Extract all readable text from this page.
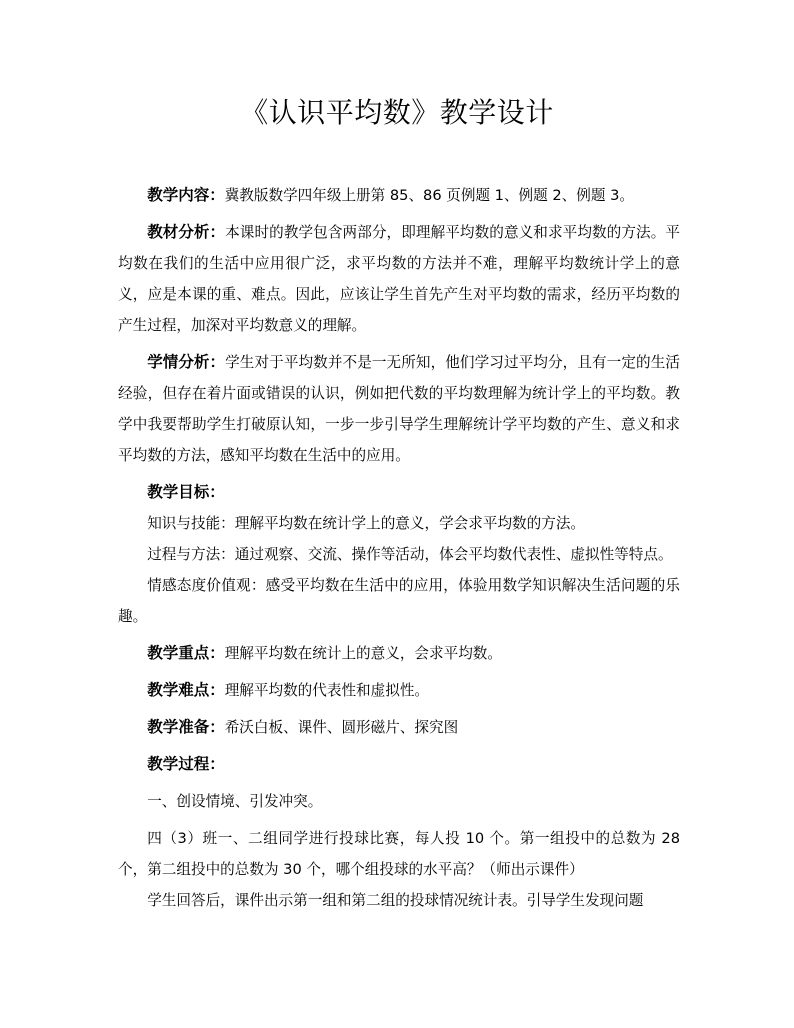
《认识平均数》教学设计

教学内容：冀教版数学四年级上册第 85、86 页例题 1、例题 2、例题 3。

教材分析：本课时的教学包含两部分，即理解平均数的意义和求平均数的方法。平均数在我们的生活中应用很广泛，求平均数的方法并不难，理解平均数统计学上的意义，应是本课的重、难点。因此，应该让学生首先产生对平均数的需求，经历平均数的产生过程，加深对平均数意义的理解。

学情分析：学生对于平均数并不是一无所知，他们学习过平均分，且有一定的生活经验，但存在着片面或错误的认识，例如把代数的平均数理解为统计学上的平均数。教学中我要帮助学生打破原认知，一步一步引导学生理解统计学平均数的产生、意义和求平均数的方法，感知平均数在生活中的应用。

教学目标：

知识与技能：理解平均数在统计学上的意义，学会求平均数的方法。

过程与方法：通过观察、交流、操作等活动，体会平均数代表性、虚拟性等特点。

情感态度价值观：感受平均数在生活中的应用，体验用数学知识解决生活问题的乐趣。

教学重点：理解平均数在统计上的意义，会求平均数。

教学难点：理解平均数的代表性和虚拟性。

教学准备：希沃白板、课件、圆形磁片、探究图

教学过程：

一、创设情境、引发冲突。

四（3）班一、二组同学进行投球比赛，每人投 10 个。第一组投中的总数为 28 个，第二组投中的总数为 30 个，哪个组投球的水平高？（师出示课件）

学生回答后，课件出示第一组和第二组的投球情况统计表。引导学生发现问题
